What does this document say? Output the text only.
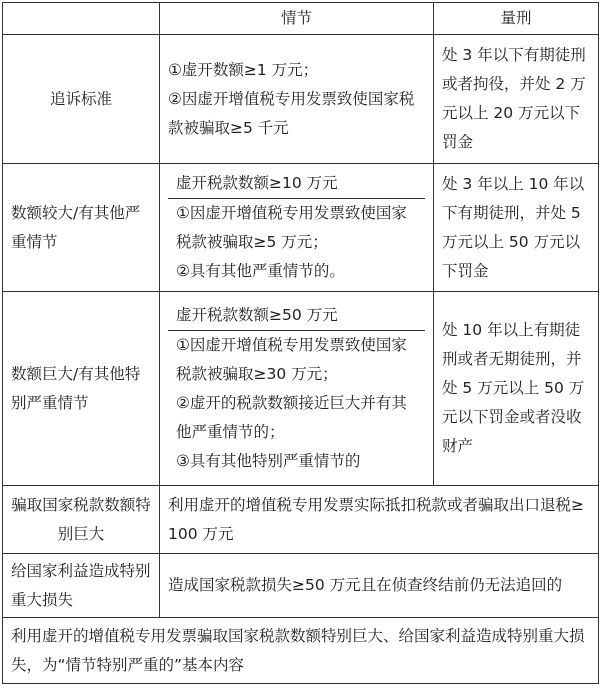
	情节	量刑
追诉标准	①虚开数额≥1 万元；
②因虚开增值税专用发票致使国家税款被骗取≥5 千元	处 3 年以下有期徒刑或者拘役，并处 2 万元以上 20 万元以下罚金
数额较大/有其他严重情节	虚开税款数额≥10 万元
①因虚开增值税专用发票致使国家税款被骗取≥5 万元；
②具有其他严重情节的。	处 3 年以上 10 年以下有期徒刑，并处 5 万元以上 50 万元以下罚金
数额巨大/有其他特别严重情节	虚开税款数额≥50 万元
①因虚开增值税专用发票致使国家税款被骗取≥30 万元；
②虚开的税款数额接近巨大并有其他严重情节的；
③具有其他特别严重情节的	处 10 年以上有期徒刑或者无期徒刑，并处 5 万元以上 50 万元以下罚金或者没收财产
骗取国家税款数额特别巨大	利用虚开的增值税专用发票实际抵扣税款或者骗取出口退税≥100 万元	
给国家利益造成特别重大损失	造成国家税款损失≥50 万元且在侦查终结前仍无法追回的	
利用虚开的增值税专用发票骗取国家税款数额特别巨大、给国家利益造成特别重大损失，为“情节特别严重的”基本内容		
